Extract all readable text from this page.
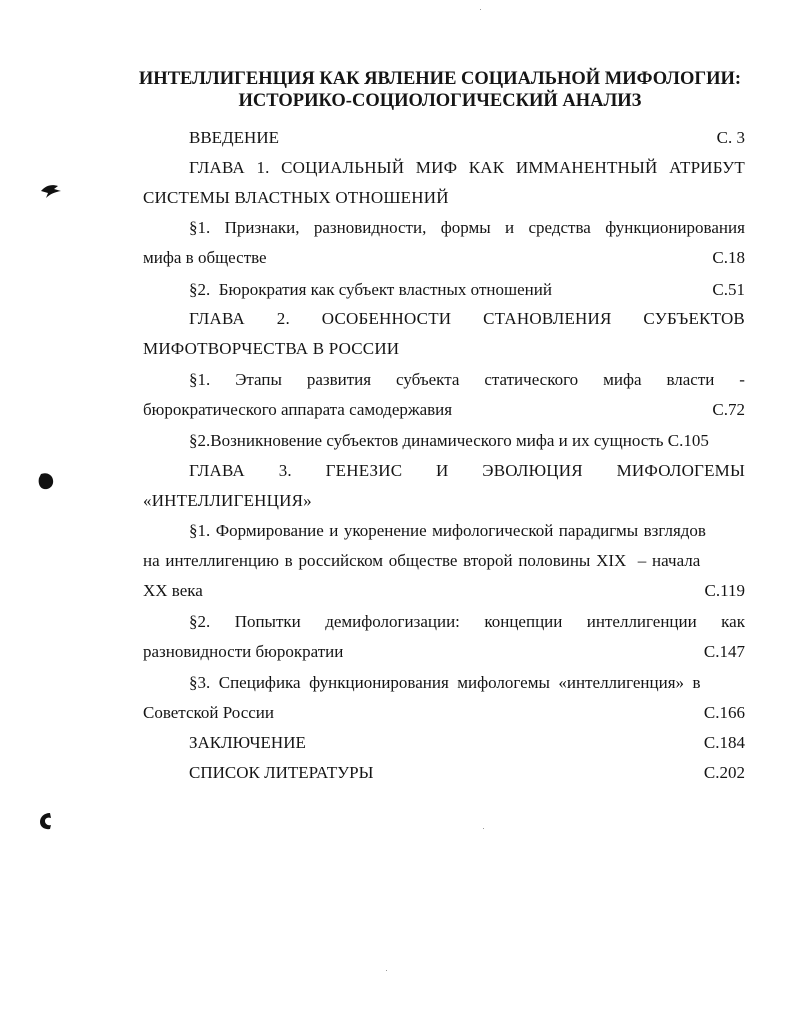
ИНТЕЛЛИГЕНЦИЯ КАК ЯВЛЕНИЕ СОЦИАЛЬНОЙ МИФОЛОГИИ:
ИСТОРИКО-СОЦИОЛОГИЧЕСКИЙ АНАЛИЗ
ВВЕДЕНИЕ	С. 3
ГЛАВА 1. СОЦИАЛЬНЫЙ МИФ КАК ИММАНЕНТНЫЙ АТРИБУТ
СИСТЕМЫ ВЛАСТНЫХ ОТНОШЕНИЙ
§1. Признаки, разновидности, формы и средства функционирования
мифа в обществе	С.18
§2.  Бюрократия как субъект властных отношений	С.51
ГЛАВА 2. ОСОБЕННОСТИ СТАНОВЛЕНИЯ СУБЪЕКТОВ
МИФОТВОРЧЕСТВА В РОССИИ
§1. Этапы развития субъекта статического мифа власти -
бюрократического аппарата самодержавия	С.72
§2.Возникновение субъектов динамического мифа и их сущность С.105
ГЛАВА 3. ГЕНЕЗИС И ЭВОЛЮЦИЯ МИФОЛОГЕМЫ
«ИНТЕЛЛИГЕНЦИЯ»
§1. Формирование и укоренение мифологической парадигмы взглядов
на интеллигенцию в российском обществе второй половины XIX  – начала
XX века	С.119
§2. Попытки демифологизации: концепции интеллигенции как
разновидности бюрократии	С.147
§3.  Специфика  функционирования  мифологемы  «интеллигенция»  в
Советской России	С.166
ЗАКЛЮЧЕНИЕ	С.184
СПИСОК ЛИТЕРАТУРЫ	С.202
